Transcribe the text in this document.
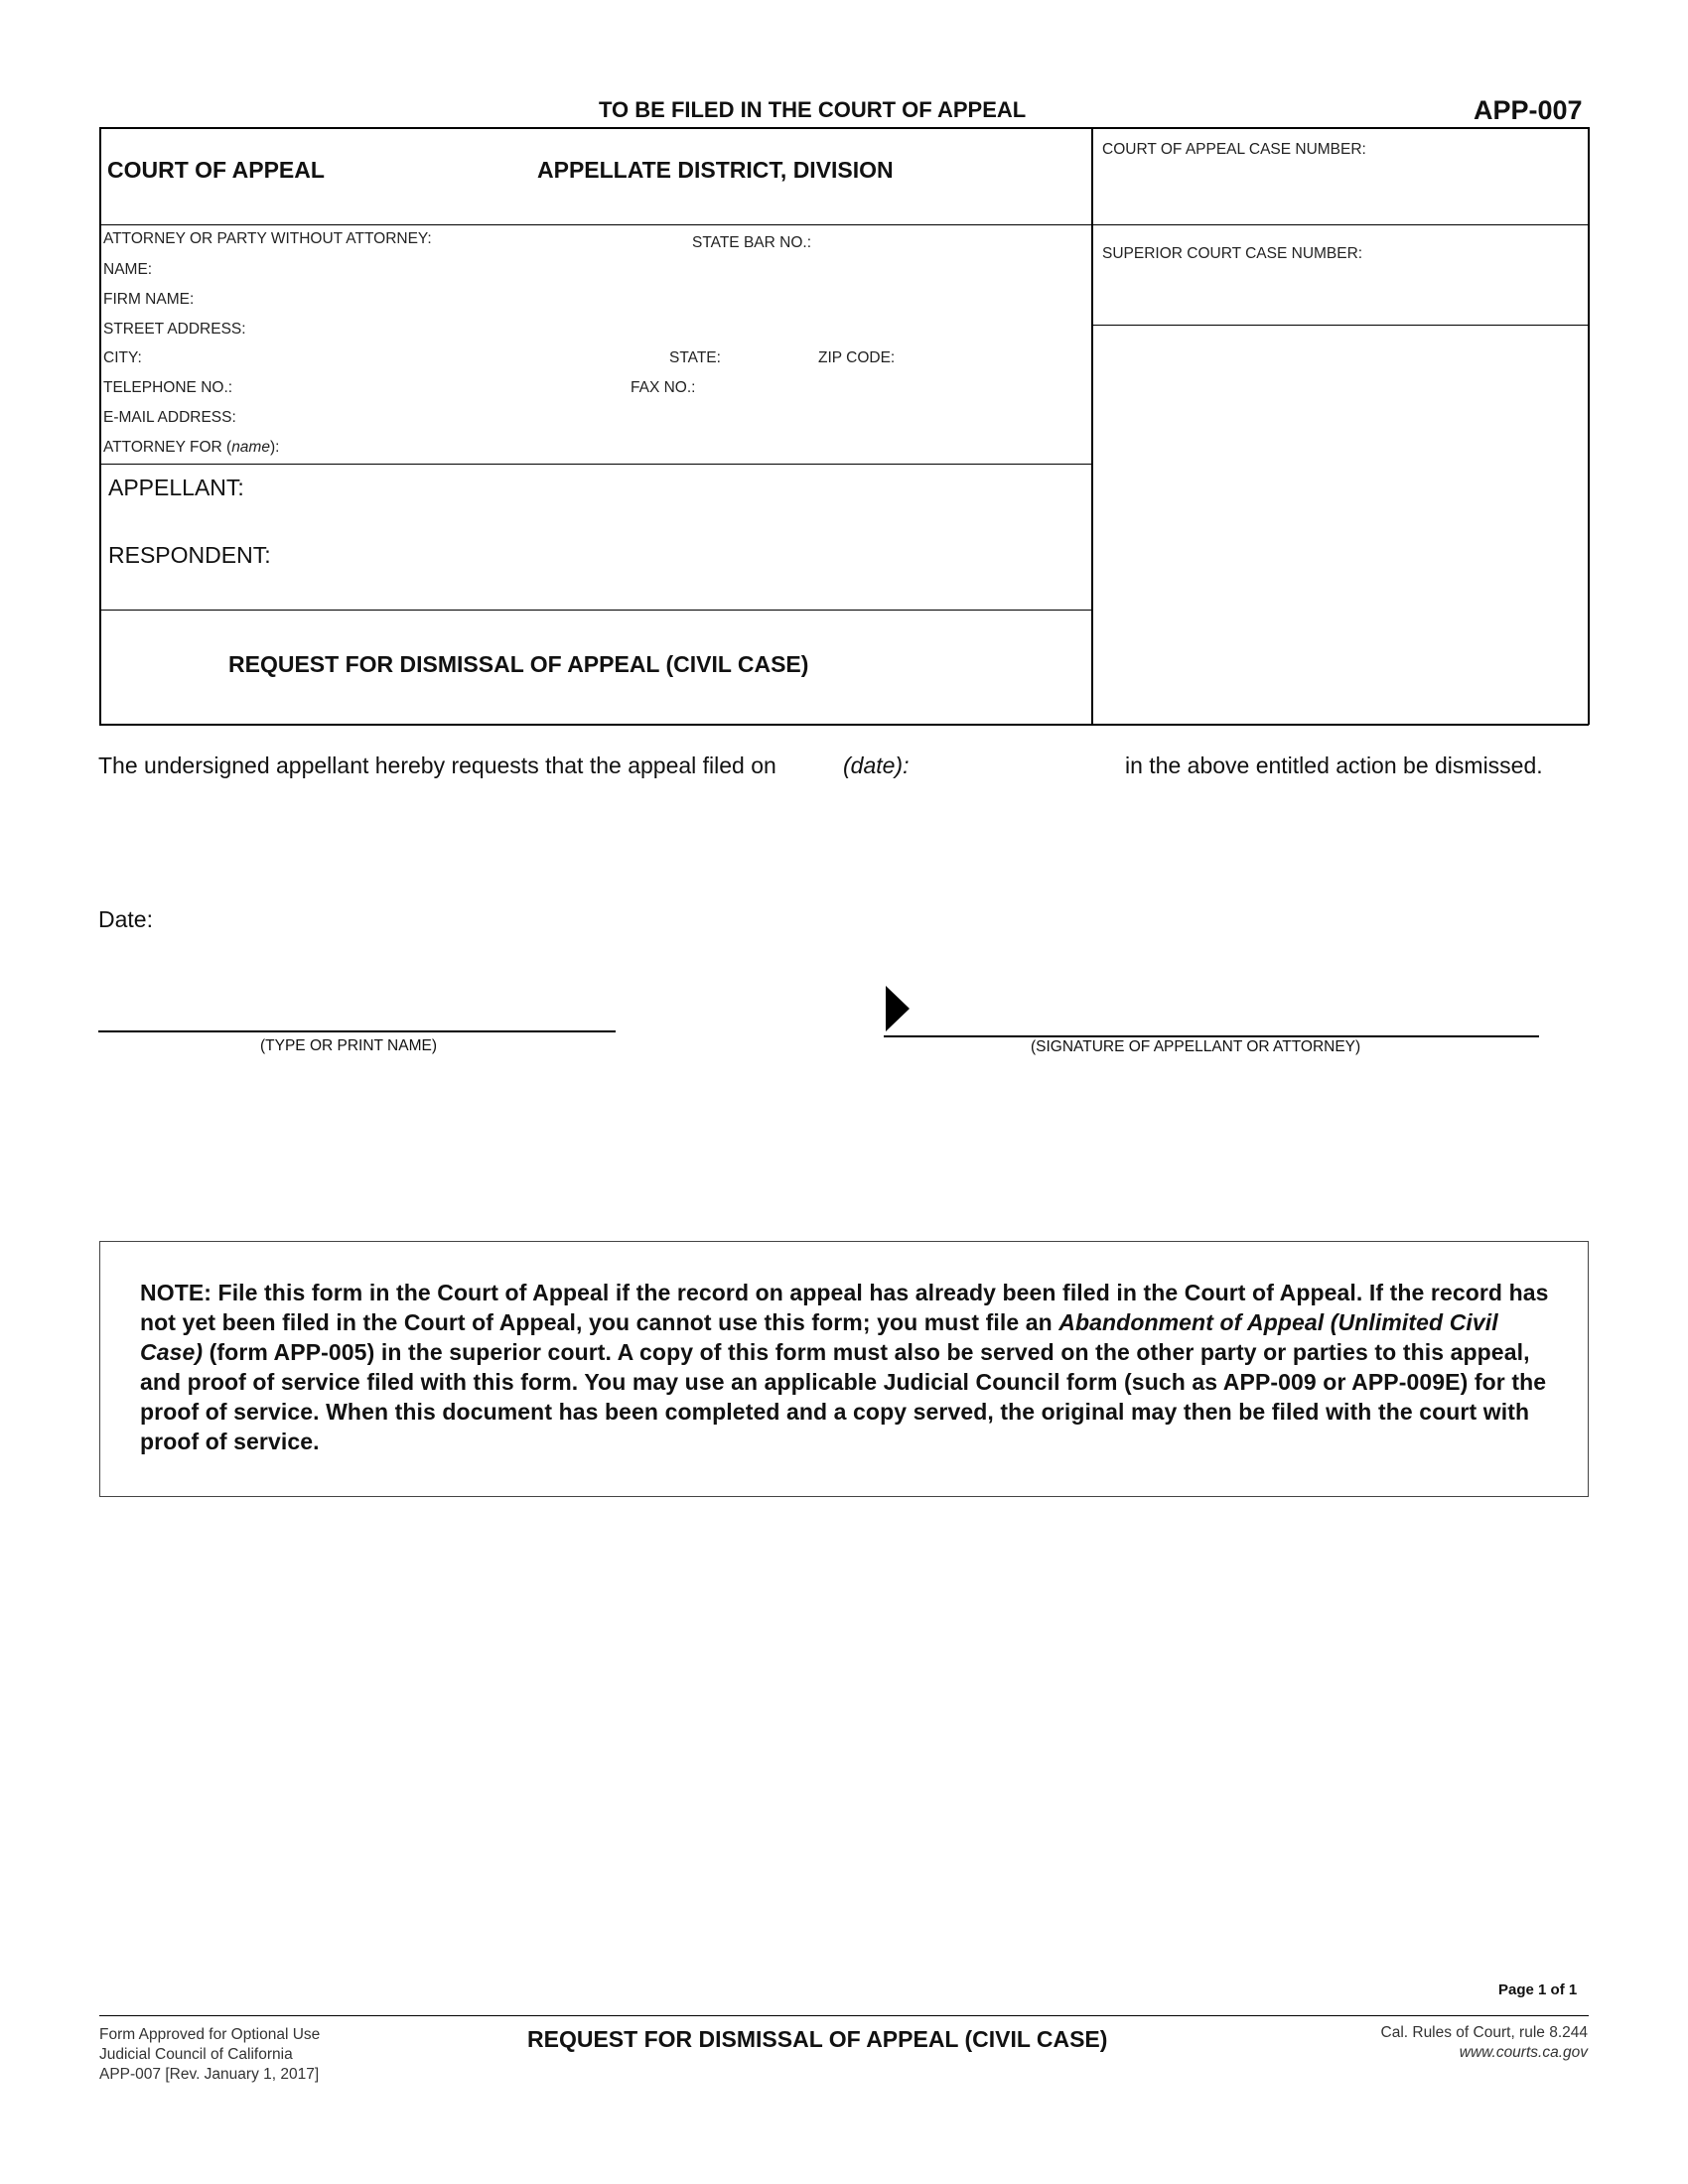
TO BE FILED IN THE COURT OF APPEAL	APP-007
COURT OF APPEAL	APPELLATE DISTRICT, DIVISION
COURT OF APPEAL CASE NUMBER:
SUPERIOR COURT CASE NUMBER:
ATTORNEY OR PARTY WITHOUT ATTORNEY:	STATE BAR NO.:
NAME:
FIRM NAME:
STREET ADDRESS:
CITY:	STATE:	ZIP CODE:
TELEPHONE NO.:	FAX NO.:
E-MAIL ADDRESS:
ATTORNEY FOR (name):
APPELLANT:
RESPONDENT:
REQUEST FOR DISMISSAL OF APPEAL (CIVIL CASE)
The undersigned appellant hereby requests that the appeal filed on	(date):	in the above entitled action be dismissed.
Date:
(TYPE OR PRINT NAME)	(SIGNATURE OF APPELLANT OR ATTORNEY)
NOTE: File this form in the Court of Appeal if the record on appeal has already been filed in the Court of Appeal. If the record has not yet been filed in the Court of Appeal, you cannot use this form; you must file an Abandonment of Appeal (Unlimited Civil Case) (form APP-005) in the superior court. A copy of this form must also be served on the other party or parties to this appeal, and proof of service filed with this form. You may use an applicable Judicial Council form (such as APP-009 or APP-009E) for the proof of service. When this document has been completed and a copy served, the original may then be filed with the court with proof of service.
Page 1 of 1
Form Approved for Optional Use
Judicial Council of California
APP-007 [Rev. January 1, 2017]
REQUEST FOR DISMISSAL OF APPEAL (CIVIL CASE)	Cal. Rules of Court, rule 8.244
www.courts.ca.gov
